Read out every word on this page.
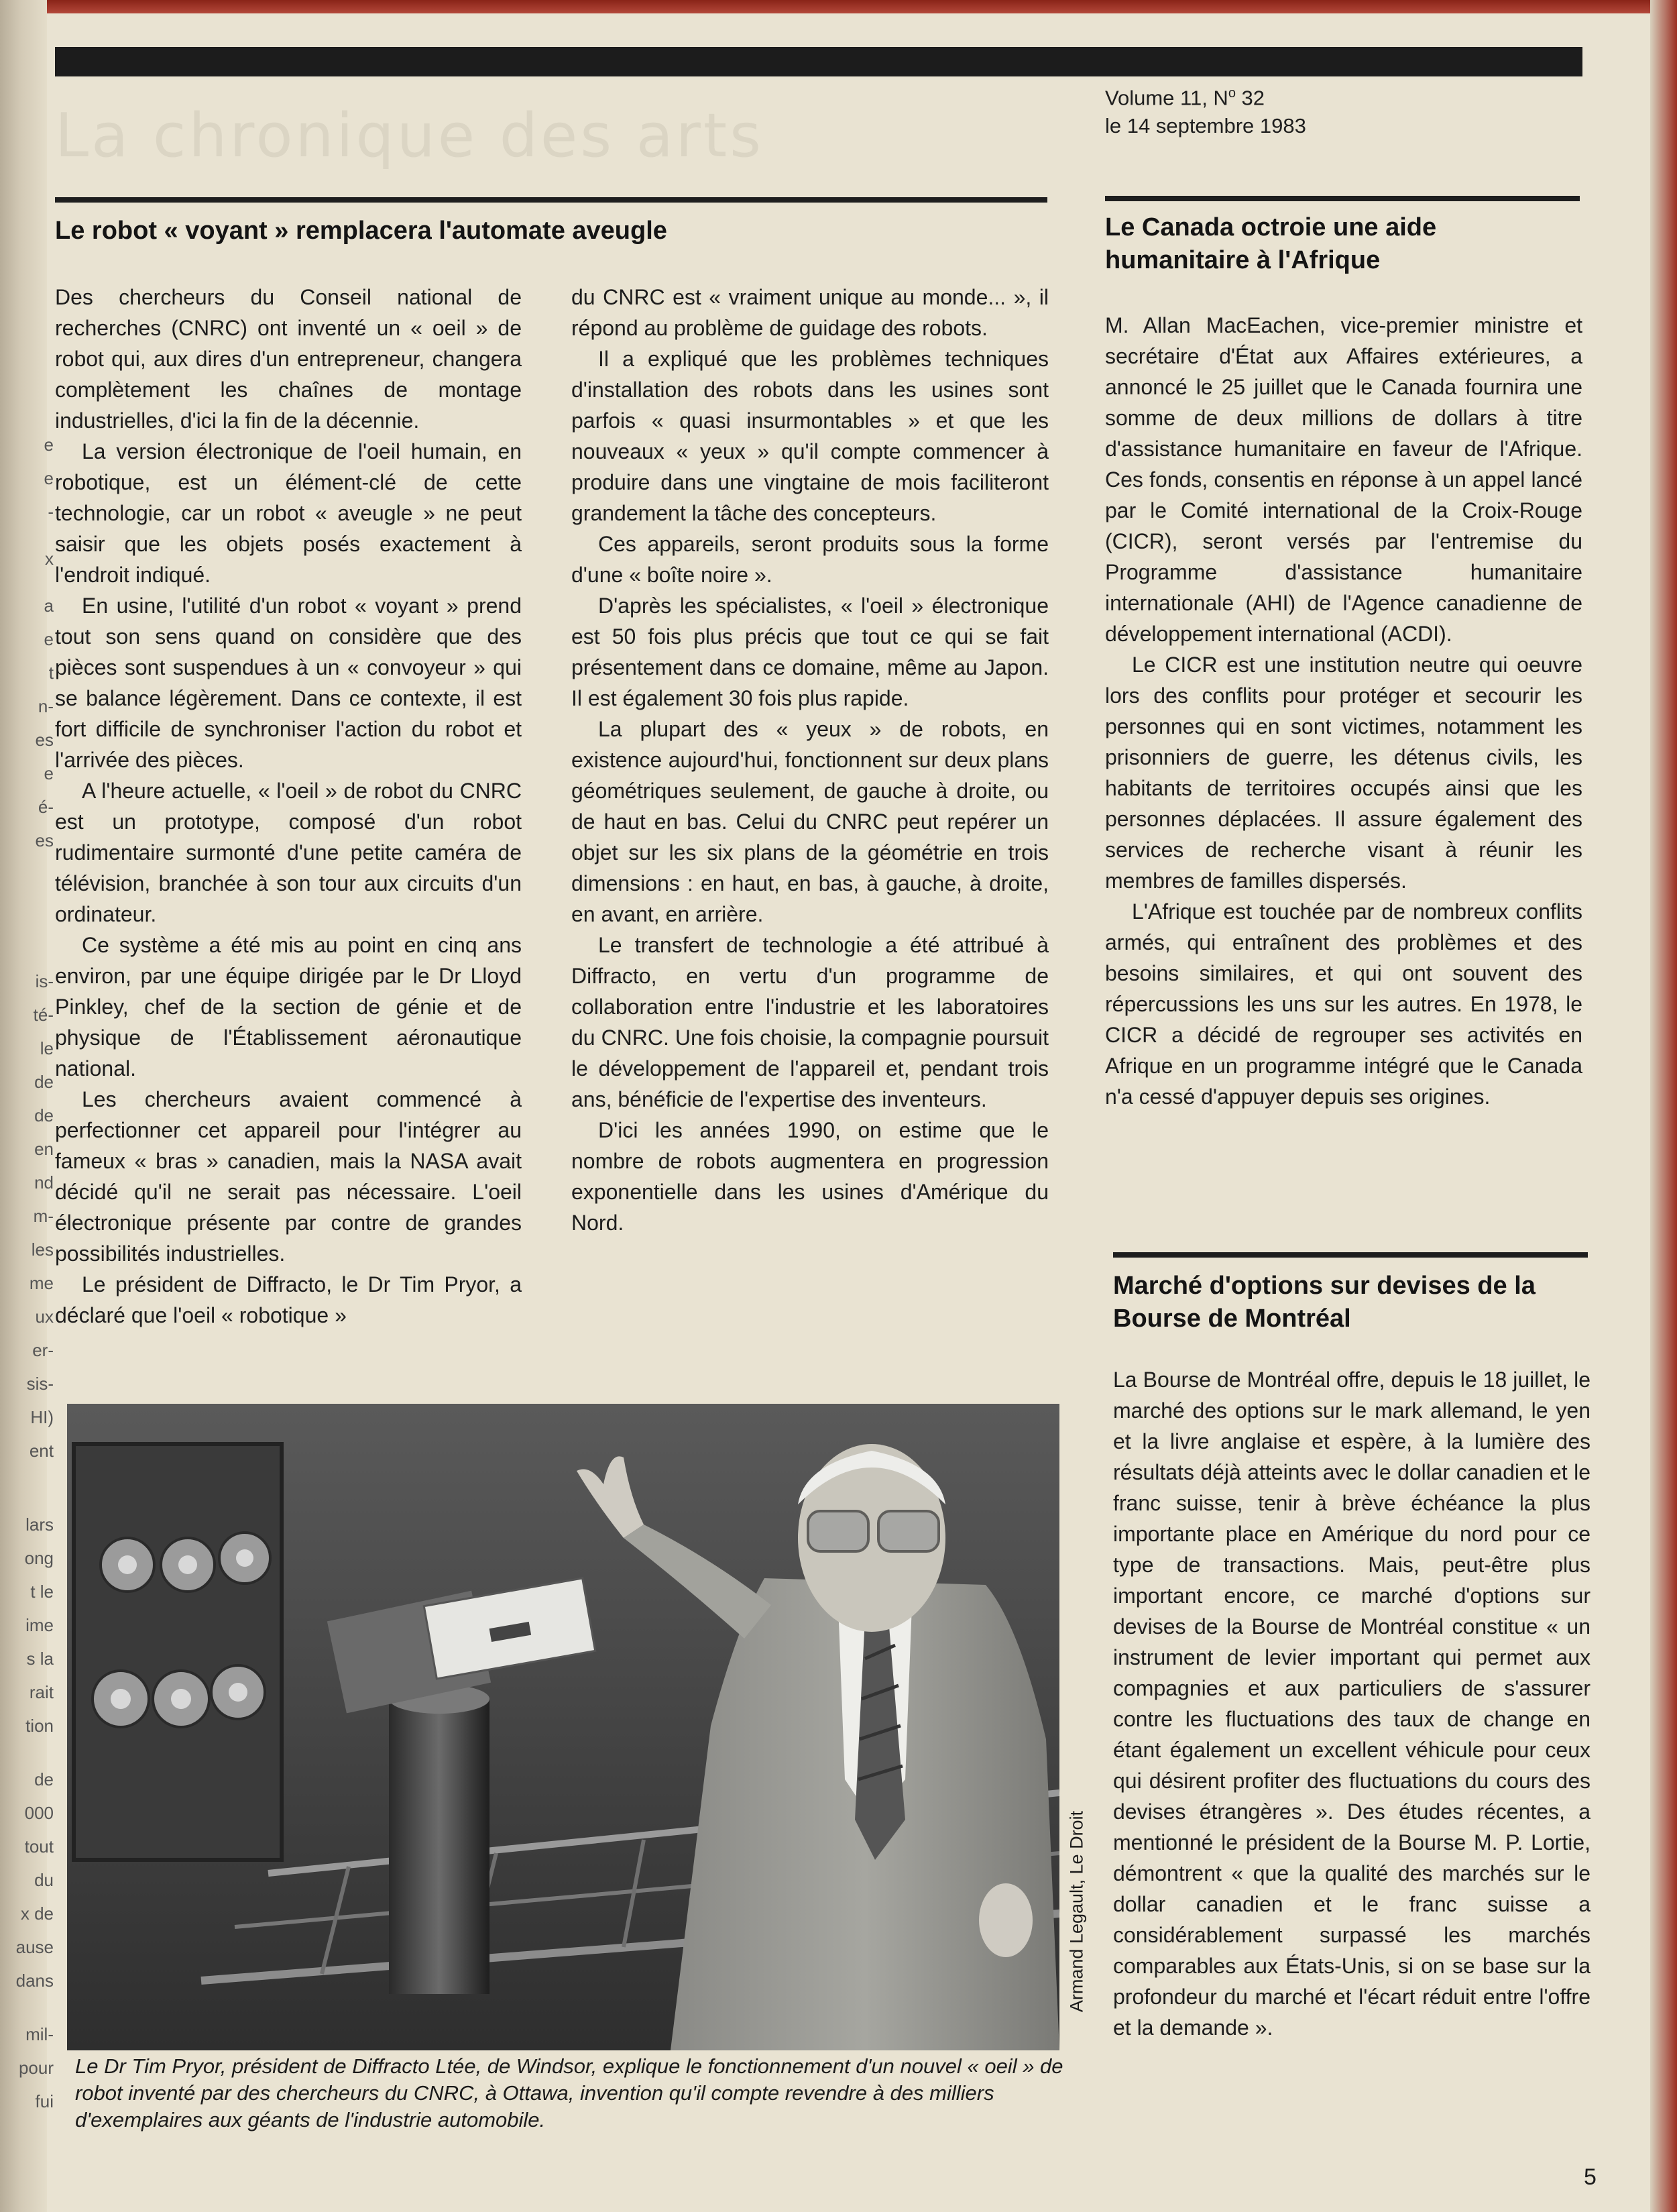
e
e
-
x
a
e
t
n-
es
e
é-
es
is-
té-
le
de
de
en
nd
m-
les
me
ux
er-
sis-
HI)
ent
lars
ong
t le
ime
s la
rait
tion
de
000
tout
du
x de
ause
dans
mil-
pour
fui
La chronique des arts
Volume 11, $N^o$ 32
le 14 septembre 1983
Le robot « voyant » remplacera l'automate aveugle

Des chercheurs du Conseil national de recherches (CNRC) ont inventé un « oeil » de robot qui, aux dires d'un entrepreneur, changera complètement les chaînes de montage industrielles, d'ici la fin de la décennie.

La version électronique de l'oeil humain, en robotique, est un élément-clé de cette technologie, car un robot « aveugle » ne peut saisir que les objets posés exactement à l'endroit indiqué.

En usine, l'utilité d'un robot « voyant » prend tout son sens quand on considère que des pièces sont suspendues à un « convoyeur » qui se balance légèrement. Dans ce contexte, il est fort difficile de synchroniser l'action du robot et l'arrivée des pièces.

A l'heure actuelle, « l'oeil » de robot du CNRC est un prototype, composé d'un robot rudimentaire surmonté d'une petite caméra de télévision, branchée à son tour aux circuits d'un ordinateur.

Ce système a été mis au point en cinq ans environ, par une équipe dirigée par le Dr Lloyd Pinkley, chef de la section de génie et de physique de l'Établissement aéronautique national.

Les chercheurs avaient commencé à perfectionner cet appareil pour l'intégrer au fameux « bras » canadien, mais la NASA avait décidé qu'il ne serait pas nécessaire. L'oeil électronique présente par contre de grandes possibilités industrielles.

Le président de Diffracto, le Dr Tim Pryor, a déclaré que l'oeil « robotique »

du CNRC est « vraiment unique au monde... », il répond au problème de guidage des robots.

Il a expliqué que les problèmes techniques d'installation des robots dans les usines sont parfois « quasi insurmontables » et que les nouveaux « yeux » qu'il compte commencer à produire dans une vingtaine de mois faciliteront grandement la tâche des concepteurs.

Ces appareils, seront produits sous la forme d'une « boîte noire ».

D'après les spécialistes, « l'oeil » électronique est 50 fois plus précis que tout ce qui se fait présentement dans ce domaine, même au Japon. Il est également 30 fois plus rapide.

La plupart des « yeux » de robots, en existence aujourd'hui, fonctionnent sur deux plans géométriques seulement, de gauche à droite, ou de haut en bas. Celui du CNRC peut repérer un objet sur les six plans de la géométrie en trois dimensions : en haut, en bas, à gauche, à droite, en avant, en arrière.

Le transfert de technologie a été attribué à Diffracto, en vertu d'un programme de collaboration entre l'industrie et les laboratoires du CNRC. Une fois choisie, la compagnie poursuit le développement de l'appareil et, pendant trois ans, bénéficie de l'expertise des inventeurs.

D'ici les années 1990, on estime que le nombre de robots augmentera en progression exponentielle dans les usines d'Amérique du Nord.

Armand Legault, Le Droit
Le Dr Tim Pryor, président de Diffracto Ltée, de Windsor, explique le fonctionnement d'un nouvel « oeil » de robot inventé par des chercheurs du CNRC, à Ottawa, invention qu'il compte revendre à des milliers d'exemplaires aux géants de l'industrie automobile.
Le Canada octroie une aide humanitaire à l'Afrique

M. Allan MacEachen, vice-premier ministre et secrétaire d'État aux Affaires extérieures, a annoncé le 25 juillet que le Canada fournira une somme de deux millions de dollars à titre d'assistance humanitaire en faveur de l'Afrique. Ces fonds, consentis en réponse à un appel lancé par le Comité international de la Croix-Rouge (CICR), seront versés par l'entremise du Programme d'assistance humanitaire internationale (AHI) de l'Agence canadienne de développement international (ACDI).

Le CICR est une institution neutre qui oeuvre lors des conflits pour protéger et secourir les personnes qui en sont victimes, notamment les prisonniers de guerre, les détenus civils, les habitants de territoires occupés ainsi que les personnes déplacées. Il assure également des services de recherche visant à réunir les membres de familles dispersés.

L'Afrique est touchée par de nombreux conflits armés, qui entraînent des problèmes et des besoins similaires, et qui ont souvent des répercussions les uns sur les autres. En 1978, le CICR a décidé de regrouper ses activités en Afrique en un programme intégré que le Canada n'a cessé d'appuyer depuis ses origines.

Marché d'options sur devises de la Bourse de Montréal

La Bourse de Montréal offre, depuis le 18 juillet, le marché des options sur le mark allemand, le yen et la livre anglaise et espère, à la lumière des résultats déjà atteints avec le dollar canadien et le franc suisse, tenir à brève échéance la plus importante place en Amérique du nord pour ce type de transactions. Mais, peut-être plus important encore, ce marché d'options sur devises de la Bourse de Montréal constitue « un instrument de levier important qui permet aux compagnies et aux particuliers de s'assurer contre les fluctuations des taux de change en étant également un excellent véhicule pour ceux qui désirent profiter des fluctuations du cours des devises étrangères ». Des études récentes, a mentionné le président de la Bourse M. P. Lortie, démontrent « que la qualité des marchés sur le dollar canadien et le franc suisse a considérablement surpassé les marchés comparables aux États-Unis, si on se base sur la profondeur du marché et l'écart réduit entre l'offre et la demande ».

5
